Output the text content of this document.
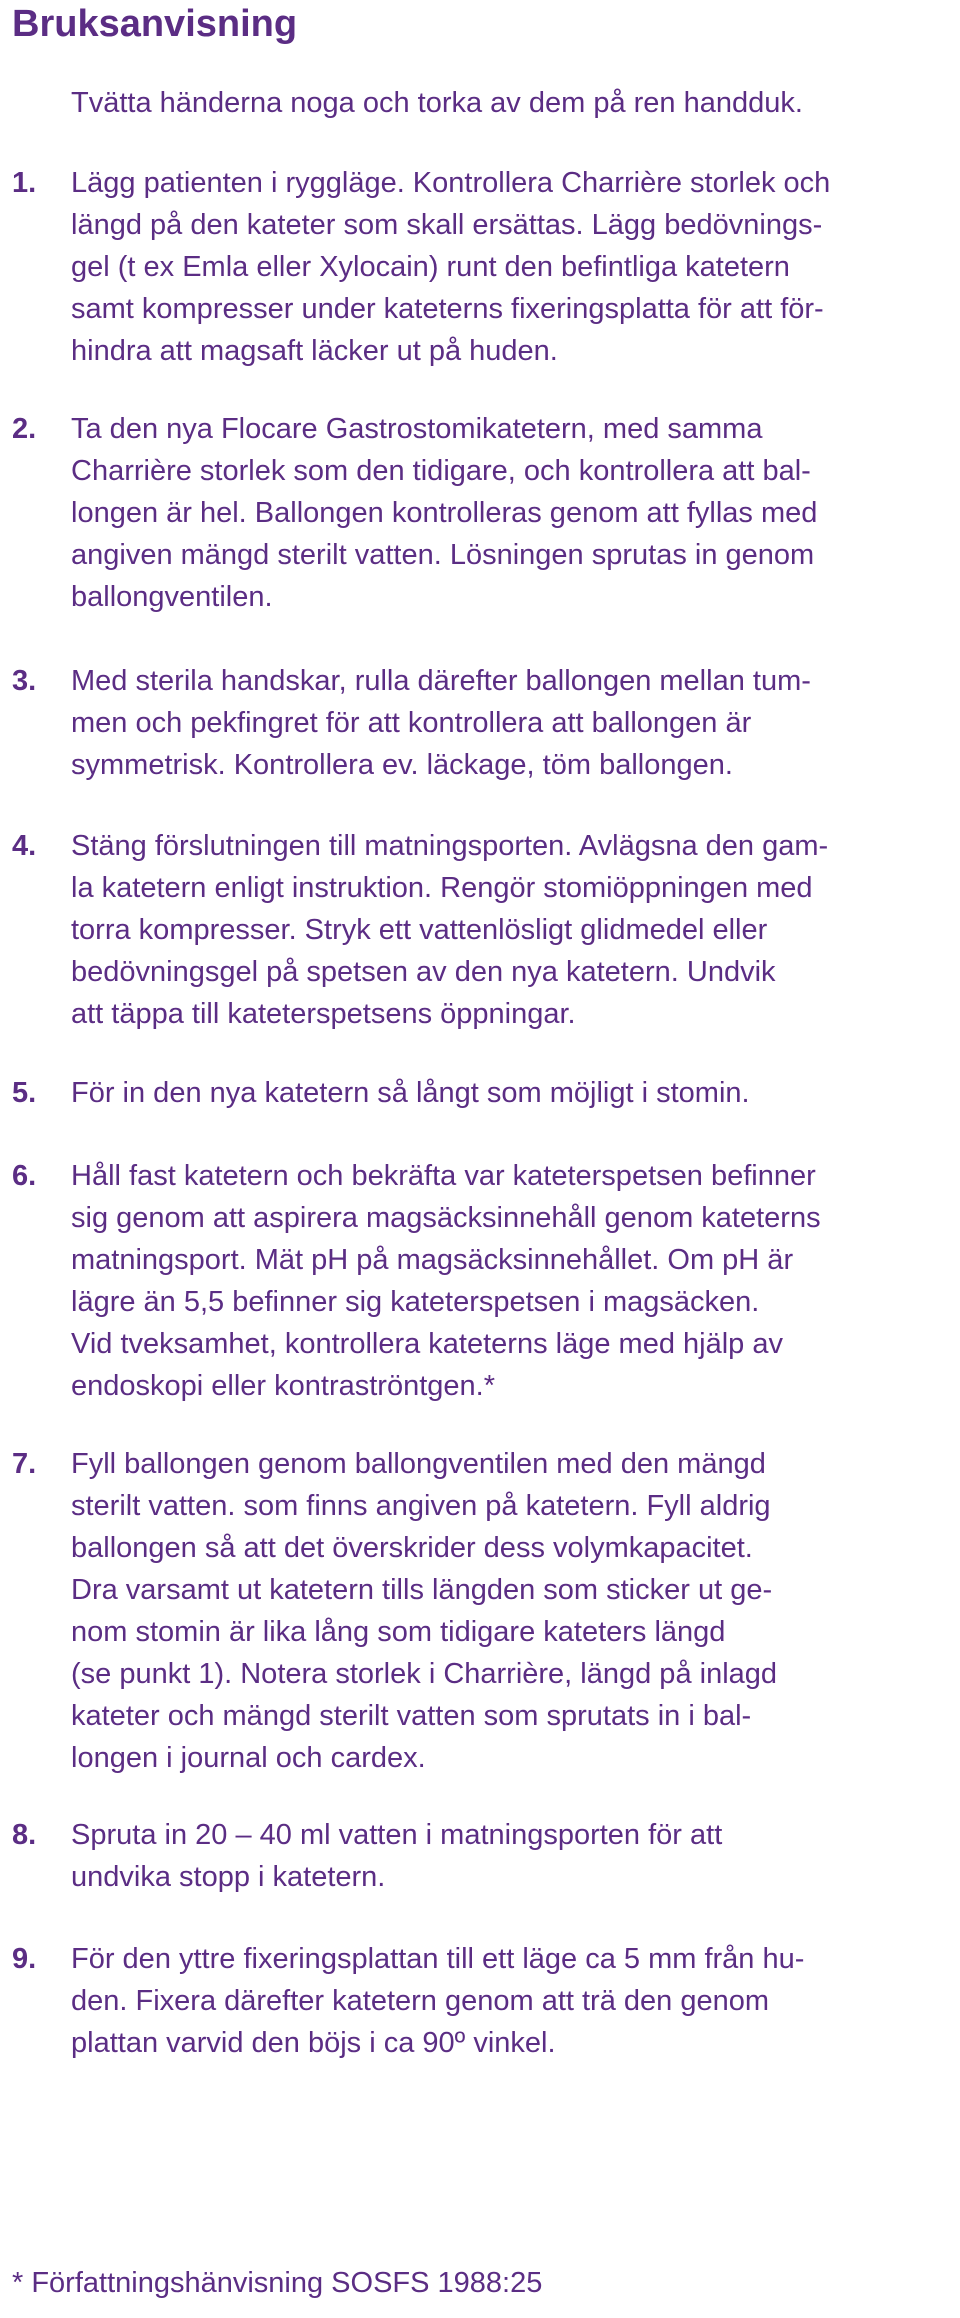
Bruksanvisning

Tvätta händerna noga och torka av dem på ren handduk.

1. Lägg patienten i ryggläge. Kontrollera Charrière storlek och
längd på den kateter som skall ersättas. Lägg bedövnings-
gel (t ex Emla eller Xylocain) runt den befintliga katetern
samt kompresser under kateterns fixeringsplatta för att för-
hindra att magsaft läcker ut på huden.

2. Ta den nya Flocare Gastrostomikatetern, med samma
Charrière storlek som den tidigare, och kontrollera att bal-
longen är hel. Ballongen kontrolleras genom att fyllas med
angiven mängd sterilt vatten. Lösningen sprutas in genom
ballongventilen.

3. Med sterila handskar, rulla därefter ballongen mellan tum-
men och pekfingret för att kontrollera att ballongen är
symmetrisk. Kontrollera ev. läckage, töm ballongen.

4. Stäng förslutningen till matningsporten. Avlägsna den gam-
la katetern enligt instruktion. Rengör stomiöppningen med
torra kompresser. Stryk ett vattenlösligt glidmedel eller
bedövningsgel på spetsen av den nya katetern. Undvik
att täppa till kateterspetsens öppningar.

5. För in den nya katetern så långt som möjligt i stomin.

6. Håll fast katetern och bekräfta var kateterspetsen befinner
sig genom att aspirera magsäcksinnehåll genom kateterns
matningsport. Mät pH på magsäcksinnehållet. Om pH är
lägre än 5,5 befinner sig kateterspetsen i magsäcken.
Vid tveksamhet, kontrollera kateterns läge med hjälp av
endoskopi eller kontraströntgen.*

7. Fyll ballongen genom ballongventilen med den mängd
sterilt vatten. som finns angiven på katetern. Fyll aldrig
ballongen så att det överskrider dess volymkapacitet.
Dra varsamt ut katetern tills längden som sticker ut ge-
nom stomin är lika lång som tidigare kateters längd
(se punkt 1). Notera storlek i Charrière, längd på inlagd
kateter och mängd sterilt vatten som sprutats in i bal-
longen i journal och cardex.

8. Spruta in 20 – 40 ml vatten i matningsporten för att
undvika stopp i katetern.

9. För den yttre fixeringsplattan till ett läge ca 5 mm från hu-
den. Fixera därefter katetern genom att trä den genom
plattan varvid den böjs i ca 90º vinkel.

* Författningshänvisning SOSFS 1988:25
